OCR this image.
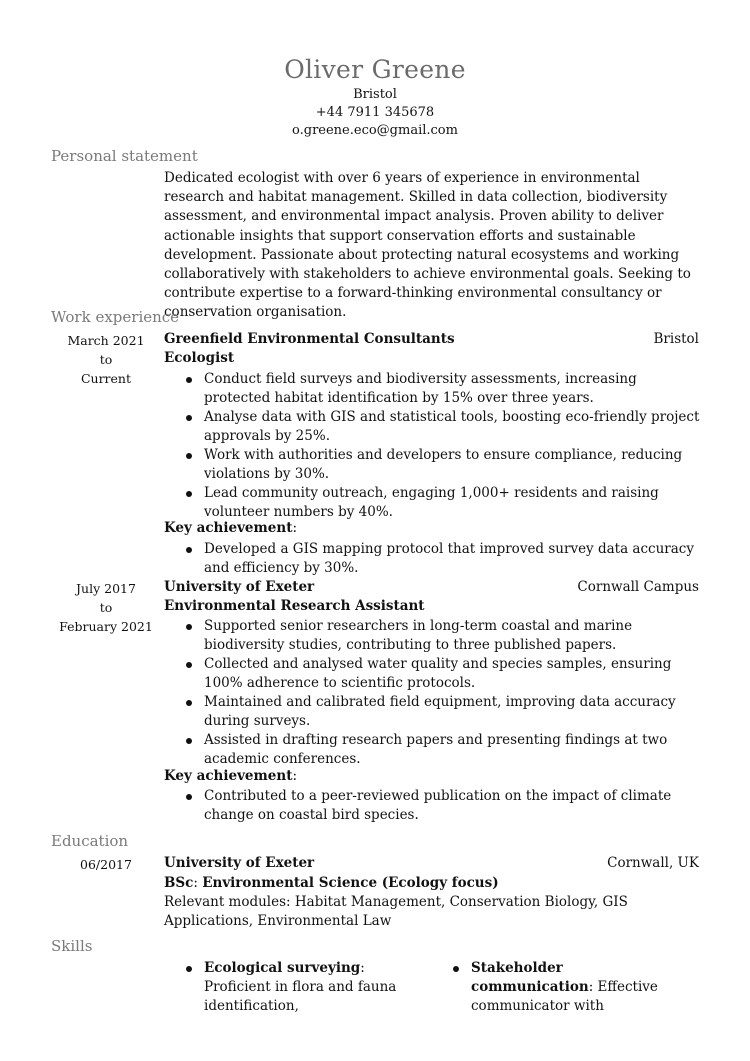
Oliver Greene
Bristol
+44 7911 345678
o.greene.eco@gmail.com
Personal statement
Dedicated ecologist with over 6 years of experience in environmental research and habitat management. Skilled in data collection, biodiversity assessment, and environmental impact analysis. Proven ability to deliver actionable insights that support conservation efforts and sustainable development. Passionate about protecting natural ecosystems and working collaboratively with stakeholders to achieve environmental goals. Seeking to contribute expertise to a forward-thinking environmental consultancy or conservation organisation.
Work experience
March 2021
to
Current
Greenfield Environmental Consultants	Bristol
Ecologist
Conduct field surveys and biodiversity assessments, increasing protected habitat identification by 15% over three years.
Analyse data with GIS and statistical tools, boosting eco-friendly project approvals by 25%.
Work with authorities and developers to ensure compliance, reducing violations by 30%.
Lead community outreach, engaging 1,000+ residents and raising volunteer numbers by 40%.
Key achievement:
Developed a GIS mapping protocol that improved survey data accuracy and efficiency by 30%.
July 2017
to
February 2021
University of Exeter	Cornwall Campus
Environmental Research Assistant
Supported senior researchers in long-term coastal and marine biodiversity studies, contributing to three published papers.
Collected and analysed water quality and species samples, ensuring 100% adherence to scientific protocols.
Maintained and calibrated field equipment, improving data accuracy during surveys.
Assisted in drafting research papers and presenting findings at two academic conferences.
Key achievement:
Contributed to a peer-reviewed publication on the impact of climate change on coastal bird species.
Education
06/2017	University of Exeter	Cornwall, UK
BSc: Environmental Science (Ecology focus)
Relevant modules: Habitat Management, Conservation Biology, GIS Applications, Environmental Law
Skills
Ecological surveying: Proficient in flora and fauna identification,
Stakeholder communication: Effective communicator with
